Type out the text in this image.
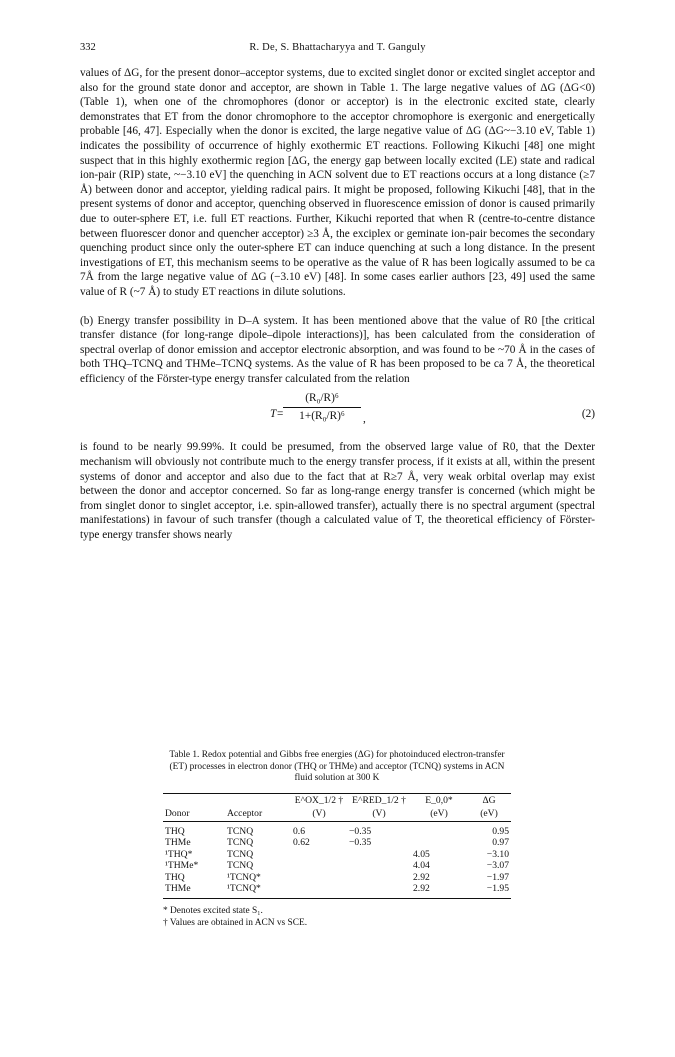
332	R. De, S. Bhattacharyya and T. Ganguly

values of ΔG, for the present donor–acceptor systems, due to excited singlet donor or excited singlet acceptor and also for the ground state donor and acceptor, are shown in Table 1. The large negative values of ΔG (ΔG<0) (Table 1), when one of the chromophores (donor or acceptor) is in the electronic excited state, clearly demonstrates that ET from the donor chromophore to the acceptor chromophore is exergonic and energetically probable [46, 47]. Especially when the donor is excited, the large negative value of ΔG (ΔG~−3.10 eV, Table 1) indicates the possibility of occurrence of highly exothermic ET reactions. Following Kikuchi [48] one might suspect that in this highly exothermic region [ΔG, the energy gap between locally excited (LE) state and radical ion-pair (RIP) state, ~−3.10 eV] the quenching in ACN solvent due to ET reactions occurs at a long distance (≥7 Å) between donor and acceptor, yielding radical pairs. It might be proposed, following Kikuchi [48], that in the present systems of donor and acceptor, quenching observed in fluorescence emission of donor is caused primarily due to outer-sphere ET, i.e. full ET reactions. Further, Kikuchi reported that when R (centre-to-centre distance between fluorescer donor and quencher acceptor) ≥3 Å, the exciplex or geminate ion-pair becomes the secondary quenching product since only the outer-sphere ET can induce quenching at such a long distance. In the present investigations of ET, this mechanism seems to be operative as the value of R has been logically assumed to be ca 7Å from the large negative value of ΔG (−3.10 eV) [48]. In some cases earlier authors [23, 49] used the same value of R (~7 Å) to study ET reactions in dilute solutions.

(b) Energy transfer possibility in D–A system. It has been mentioned above that the value of R0 [the critical transfer distance (for long-range dipole–dipole interactions)], has been calculated from the consideration of spectral overlap of donor emission and acceptor electronic absorption, and was found to be ~70 Å in the cases of both THQ–TCNQ and THMe–TCNQ systems. As the value of R has been proposed to be ca 7 Å, the theoretical efficiency of the Förster-type energy transfer calculated from the relation

$T= \frac{\text{(R₀/R)⁶}}{\text{1+(R₀/R)⁶}}$ ,	(2)

is found to be nearly 99.99%. It could be presumed, from the observed large value of R0, that the Dexter mechanism will obviously not contribute much to the energy transfer process, if it exists at all, within the present systems of donor and acceptor and also due to the fact that at R≥7 Å, very weak orbital overlap may exist between the donor and acceptor concerned. So far as long-range energy transfer is concerned (which might be from singlet donor to singlet acceptor, i.e. spin-allowed transfer), actually there is no spectral argument (spectral manifestations) in favour of such transfer (though a calculated value of T, the theoretical efficiency of Förster-type energy transfer shows nearly

Table 1. Redox potential and Gibbs free energies (ΔG) for photoinduced electron-transfer (ET) processes in electron donor (THQ or THMe) and acceptor (TCNQ) systems in ACN fluid solution at 300 K
		E^OX_1/2 †	E^RED_1/2 †	E_0,0*	ΔG
Donor	Acceptor	(V)	(V)	(eV)	(eV)
THQ	TCNQ	0.6	−0.35		0.95
THMe	TCNQ	0.62	−0.35		0.97
¹THQ*	TCNQ			4.05	−3.10
¹THMe*	TCNQ			4.04	−3.07
THQ	¹TCNQ*			2.92	−1.97
THMe	¹TCNQ*			2.92	−1.95
* Denotes excited state S₁.
† Values are obtained in ACN vs SCE.
